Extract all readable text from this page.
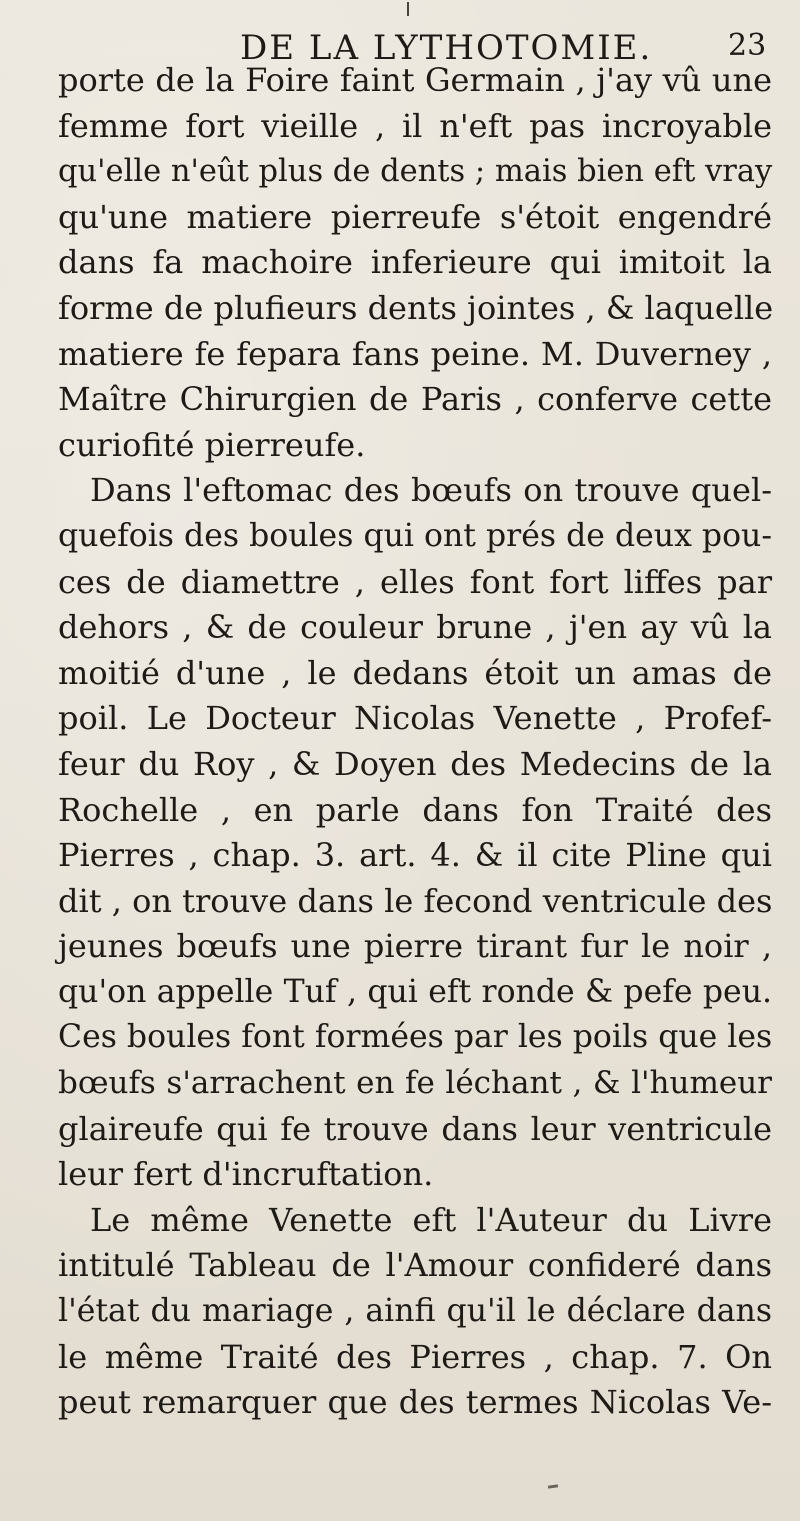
DE LA LYTHOTOMIE.	23
porte de la Foire faint Germain , j'ay vû une
femme fort vieille , il n'eft pas incroyable
qu'elle n'eût plus de dents ; mais bien eft vray
qu'une matiere pierreufe s'étoit engendré
dans fa machoire inferieure qui imitoit la
forme de plufieurs dents jointes , & laquelle
matiere fe fepara fans peine. M. Duverney ,
Maître Chirurgien de Paris , conferve cette
curiofité pierreufe.
Dans l'eftomac des bœufs on trouve quel-
quefois des boules qui ont prés de deux pou-
ces de diamettre , elles font fort liffes par
dehors , & de couleur brune , j'en ay vû la
moitié d'une , le dedans étoit un amas de
poil. Le Docteur Nicolas Venette , Profef-
feur du Roy , & Doyen des Medecins de la
Rochelle , en parle dans fon Traité des
Pierres , chap. 3. art. 4. & il cite Pline qui
dit , on trouve dans le fecond ventricule des
jeunes bœufs une pierre tirant fur le noir ,
qu'on appelle Tuf , qui eft ronde & pefe peu.
Ces boules font formées par les poils que les
bœufs s'arrachent en fe léchant , & l'humeur
glaireufe qui fe trouve dans leur ventricule
leur fert d'incruftation.
Le même Venette eft l'Auteur du Livre
intitulé Tableau de l'Amour confideré dans
l'état du mariage , ainfi qu'il le déclare dans
le même Traité des Pierres , chap. 7. On
peut remarquer que des termes Nicolas Ve-
